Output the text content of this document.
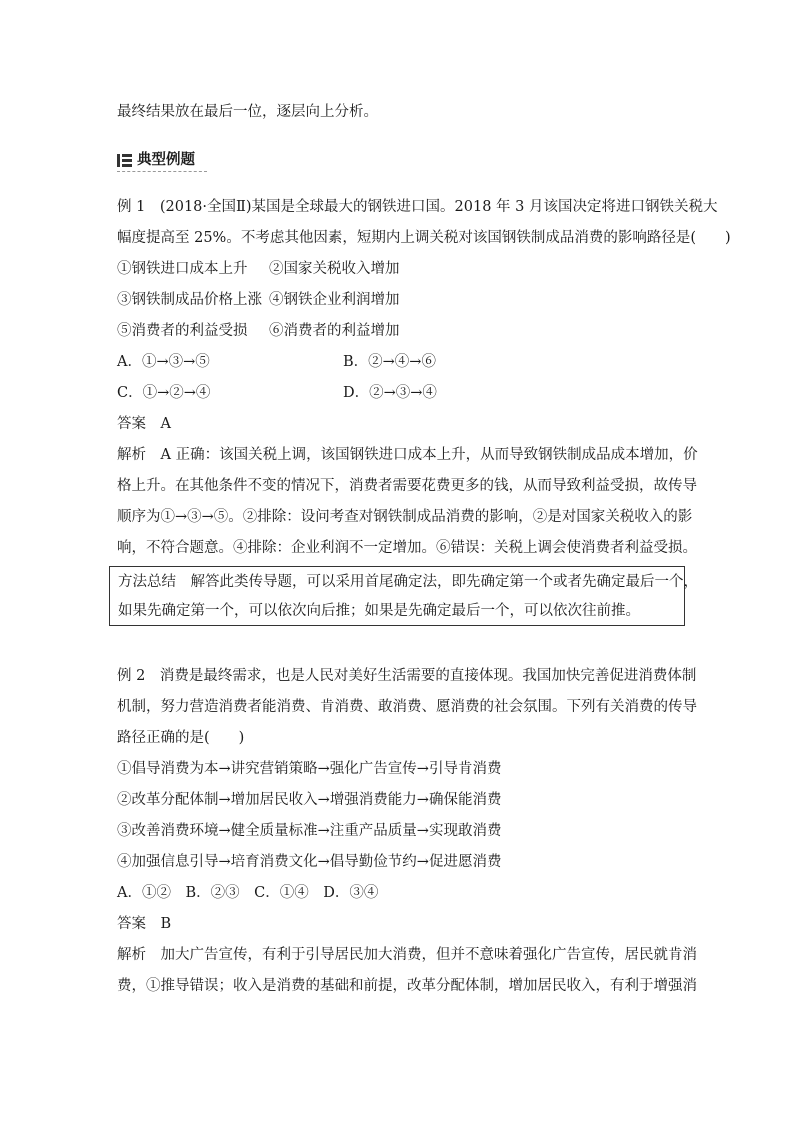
最终结果放在最后一位，逐层向上分析。
典型例题
例 1　(2018·全国Ⅱ)某国是全球最大的钢铁进口国。2018 年 3 月该国决定将进口钢铁关税大
幅度提高至 25%。不考虑其他因素，短期内上调关税对该国钢铁制成品消费的影响路径是(　　)
①钢铁进口成本上升 ②国家关税收入增加
③钢铁制成品价格上涨 ④钢铁企业利润增加
⑤消费者的利益受损 ⑥消费者的利益增加
A．①→③→⑤	B．②→④→⑥
C．①→②→④	D．②→③→④
答案　A
解析　A 正确：该国关税上调，该国钢铁进口成本上升，从而导致钢铁制成品成本增加，价
格上升。在其他条件不变的情况下，消费者需要花费更多的钱，从而导致利益受损，故传导
顺序为①→③→⑤。②排除：设问考查对钢铁制成品消费的影响，②是对国家关税收入的影
响，不符合题意。④排除：企业利润不一定增加。⑥错误：关税上调会使消费者利益受损。
方法总结　解答此类传导题，可以采用首尾确定法，即先确定第一个或者先确定最后一个，
如果先确定第一个，可以依次向后推；如果是先确定最后一个，可以依次往前推。
例 2　消费是最终需求，也是人民对美好生活需要的直接体现。我国加快完善促进消费体制
机制，努力营造消费者能消费、肯消费、敢消费、愿消费的社会氛围。下列有关消费的传导
路径正确的是(　　)
①倡导消费为本→讲究营销策略→强化广告宣传→引导肯消费
②改革分配体制→增加居民收入→增强消费能力→确保能消费
③改善消费环境→健全质量标准→注重产品质量→实现敢消费
④加强信息引导→培育消费文化→倡导勤俭节约→促进愿消费
A．①②　B．②③　C．①④　D．③④
答案　B
解析　加大广告宣传，有利于引导居民加大消费，但并不意味着强化广告宣传，居民就肯消
费，①推导错误；收入是消费的基础和前提，改革分配体制，增加居民收入，有利于增强消
